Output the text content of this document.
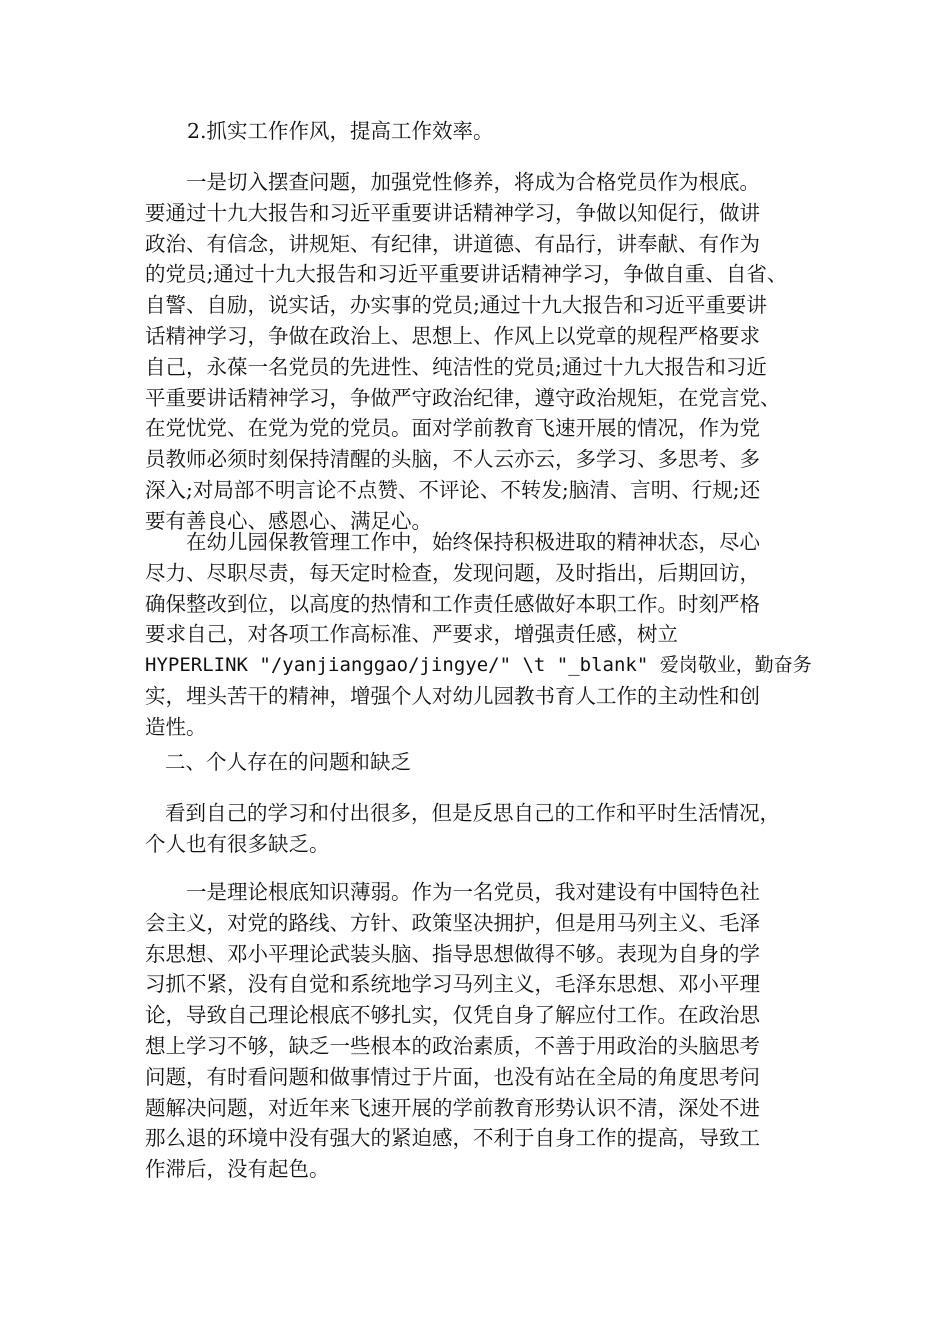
2.抓实工作作风，提高工作效率。

　　一是切入摆查问题，加强党性修养，将成为合格党员作为根底。
要通过十九大报告和习近平重要讲话精神学习，争做以知促行，做讲
政治、有信念，讲规矩、有纪律，讲道德、有品行，讲奉献、有作为
的党员;通过十九大报告和习近平重要讲话精神学习，争做自重、自省、
自警、自励，说实话，办实事的党员;通过十九大报告和习近平重要讲
话精神学习，争做在政治上、思想上、作风上以党章的规程严格要求
自己，永葆一名党员的先进性、纯洁性的党员;通过十九大报告和习近
平重要讲话精神学习，争做严守政治纪律，遵守政治规矩，在党言党、
在党忧党、在党为党的党员。面对学前教育飞速开展的情况，作为党
员教师必须时刻保持清醒的头脑，不人云亦云，多学习、多思考、多
深入;对局部不明言论不点赞、不评论、不转发;脑清、言明、行规;还
要有善良心、感恩心、满足心。

　　在幼儿园保教管理工作中，始终保持积极进取的精神状态，尽心
尽力、尽职尽责，每天定时检查，发现问题，及时指出，后期回访，
确保整改到位，以高度的热情和工作责任感做好本职工作。时刻严格
要求自己，对各项工作高标准、严要求，增强责任感，树立
HYPERLINK "/yanjianggao/jingye/" \t "_blank" 爱岗敬业，勤奋务
实，埋头苦干的精神，增强个人对幼儿园教书育人工作的主动性和创
造性。

二、个人存在的问题和缺乏

看到自己的学习和付出很多，但是反思自己的工作和平时生活情况，
个人也有很多缺乏。

　　一是理论根底知识薄弱。作为一名党员，我对建设有中国特色社
会主义，对党的路线、方针、政策坚决拥护，但是用马列主义、毛泽
东思想、邓小平理论武装头脑、指导思想做得不够。表现为自身的学
习抓不紧，没有自觉和系统地学习马列主义，毛泽东思想、邓小平理
论，导致自己理论根底不够扎实，仅凭自身了解应付工作。在政治思
想上学习不够，缺乏一些根本的政治素质，不善于用政治的头脑思考
问题，有时看问题和做事情过于片面，也没有站在全局的角度思考问
题解决问题，对近年来飞速开展的学前教育形势认识不清，深处不进
那么退的环境中没有强大的紧迫感，不利于自身工作的提高，导致工
作滞后，没有起色。
